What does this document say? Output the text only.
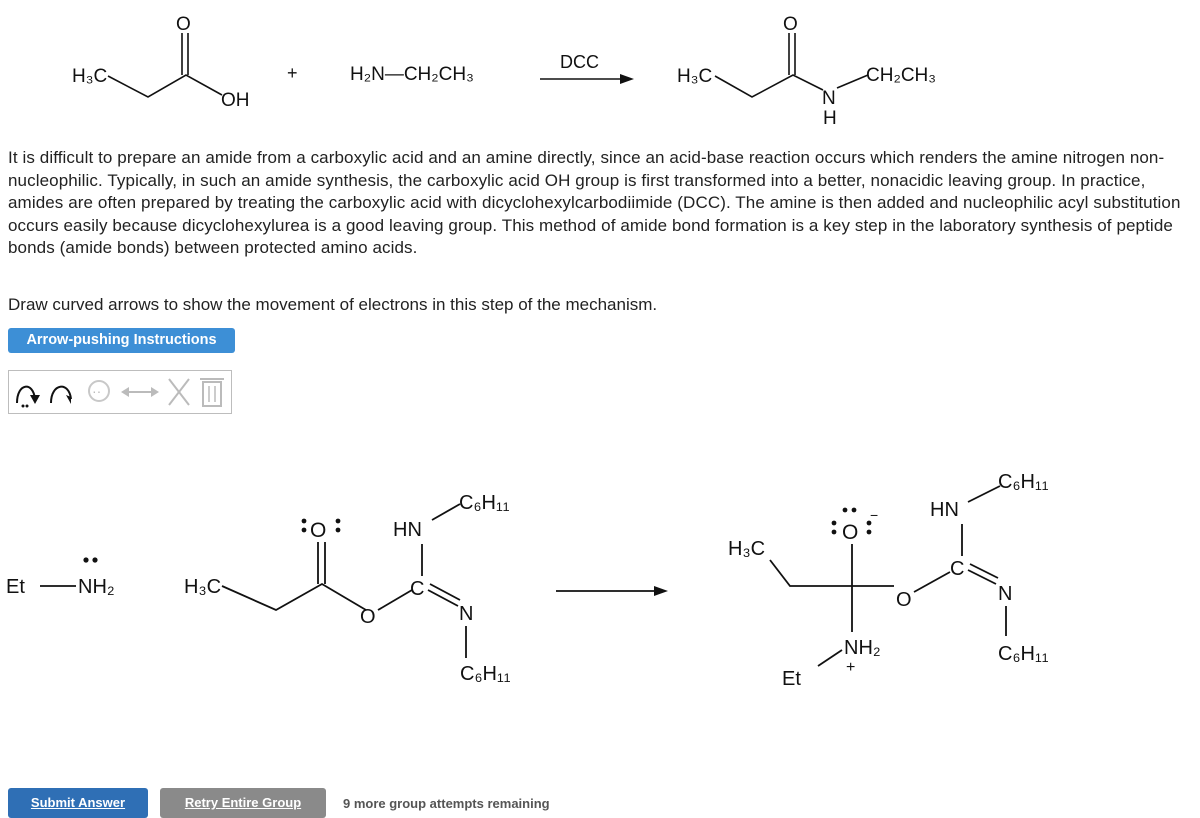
H₃C
O
OH
+	H₂N—CH₂CH₃
DCC
H₃C
O
N
H
CH₂CH₃
It is difficult to prepare an amide from a carboxylic acid and an amine directly, since an acid-base reaction occurs which renders the amine nitrogen non-nucleophilic. Typically, in such an amide synthesis, the carboxylic acid OH group is first transformed into a better, nonacidic leaving group. In practice, amides are often prepared by treating the carboxylic acid with dicyclohexylcarbodiimide (DCC). The amine is then added and nucleophilic acyl substitution occurs easily because dicyclohexylurea is a good leaving group. This method of amide bond formation is a key step in the laboratory synthesis of peptide bonds (amide bonds) between protected amino acids.
Draw curved arrows to show the movement of electrons in this step of the mechanism.
Arrow-pushing Instructions
··
Et	NH₂	H₃C
O
O
C
HN
C₆H₁₁
N
C₆H₁₁
H₃C
O
−
O
C
HN
C₆H₁₁
N
C₆H₁₁
NH₂
+
Et
Submit Answer	Retry Entire Group	9 more group attempts remaining
